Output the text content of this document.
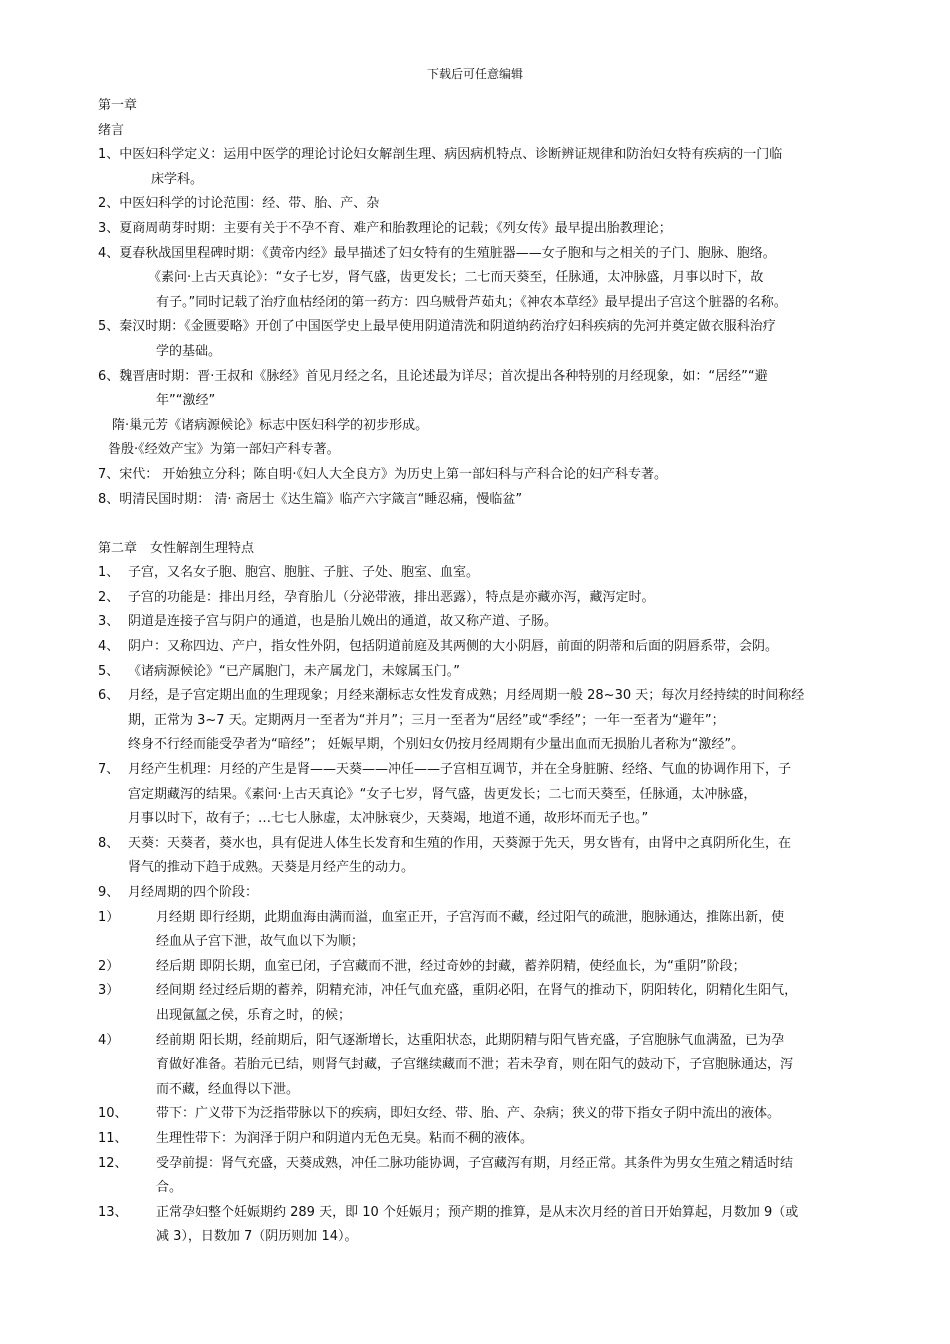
下载后可任意编辑
第一章
绪言
1、中医妇科学定义：运用中医学的理论讨论妇女解剖生理、病因病机特点、诊断辨证规律和防治妇女特有疾病的一门临
床学科。
2、中医妇科学的讨论范围：经、带、胎、产、杂
3、夏商周萌芽时期：主要有关于不孕不育、难产和胎教理论的记载；《列女传》最早提出胎教理论；
4、夏春秋战国里程碑时期：《黄帝内经》最早描述了妇女特有的生殖脏器——女子胞和与之相关的子门、胞脉、胞络。
《素问·上古天真论》：“女子七岁，肾气盛，齿更发长；二七而天葵至，任脉通，太冲脉盛，月事以时下，故
有子。”同时记载了治疗血枯经闭的第一药方：四乌贼骨芦茹丸；《神农本草经》最早提出子宫这个脏器的名称。
5、秦汉时期：《金匮要略》开创了中国医学史上最早使用阴道清洗和阴道纳药治疗妇科疾病的先河并奠定做衣服科治疗
学的基础。
6、魏晋唐时期：晋·王叔和《脉经》首见月经之名，且论述最为详尽；首次提出各种特别的月经现象，如：“居经”“避
年”“激经”
隋·巢元芳《诸病源候论》标志中医妇科学的初步形成。
昝殷·《经效产宝》为第一部妇产科专著。
7、宋代： 开始独立分科；陈自明·《妇人大全良方》为历史上第一部妇科与产科合论的妇产科专著。
8、明清民国时期： 清· 斋居士《达生篇》临产六字箴言“睡忍痛，慢临盆”
第二章　女性解剖生理特点
1、 子宫，又名女子胞、胞宫、胞脏、子脏、子处、胞室、血室。
2、 子宫的功能是：排出月经，孕育胎儿（分泌带液，排出恶露），特点是亦藏亦泻，藏泻定时。
3、 阴道是连接子宫与阴户的通道，也是胎儿娩出的通道，故又称产道、子肠。
4、 阴户：又称四边、产户，指女性外阴，包括阴道前庭及其两侧的大小阴唇，前面的阴蒂和后面的阴唇系带，会阴。
5、 《诸病源候论》“已产属胞门，未产属龙门，未嫁属玉门。”
6、 月经，是子宫定期出血的生理现象；月经来潮标志女性发育成熟；月经周期一般 28~30 天；每次月经持续的时间称经
期，正常为 3~7 天。定期两月一至者为“并月”；三月一至者为“居经”或“季经”；一年一至者为“避年”；
终身不行经而能受孕者为“暗经”； 妊娠早期，个别妇女仍按月经周期有少量出血而无损胎儿者称为“激经”。
7、 月经产生机理：月经的产生是肾——天葵——冲任——子宫相互调节，并在全身脏腑、经络、气血的协调作用下，子
宫定期藏泻的结果。《素问·上古天真论》“女子七岁，肾气盛，齿更发长；二七而天葵至，任脉通，太冲脉盛，
月事以时下，故有子；…七七人脉虚，太冲脉衰少，天葵竭，地道不通，故形坏而无子也。”
8、 天葵：天葵者，葵水也，具有促进人体生长发育和生殖的作用，天葵源于先天，男女皆有，由肾中之真阴所化生，在
肾气的推动下趋于成熟。天葵是月经产生的动力。
9、 月经周期的四个阶段：
1）	月经期 即行经期，此期血海由满而溢，血室正开，子宫泻而不藏，经过阳气的疏泄，胞脉通达，推陈出新，使
经血从子宫下泄，故气血以下为顺；
2）	经后期 即阴长期，血室已闭，子宫藏而不泄，经过奇妙的封藏，蓄养阴精，使经血长，为“重阴”阶段；
3）	经间期 经过经后期的蓄养，阴精充沛，冲任气血充盛，重阴必阳，在肾气的推动下，阴阳转化，阴精化生阳气，
出现氤氲之侯，乐育之时，的候；
4）	经前期 阳长期，经前期后，阳气逐渐增长，达重阳状态，此期阴精与阳气皆充盛，子宫胞脉气血满盈，已为孕
育做好准备。若胎元已结，则肾气封藏，子宫继续藏而不泄；若未孕育，则在阳气的鼓动下，子宫胞脉通达，泻
而不藏，经血得以下泄。
10、	带下：广义带下为泛指带脉以下的疾病，即妇女经、带、胎、产、杂病；狭义的带下指女子阴中流出的液体。
11、	生理性带下：为润泽于阴户和阴道内无色无臭。粘而不稠的液体。
12、	受孕前提：肾气充盛，天葵成熟，冲任二脉功能协调，子宫藏泻有期，月经正常。其条件为男女生殖之精适时结
合。
13、	正常孕妇整个妊娠期约 289 天，即 10 个妊娠月；预产期的推算，是从末次月经的首日开始算起，月数加 9（或
减 3），日数加 7（阴历则加 14）。
